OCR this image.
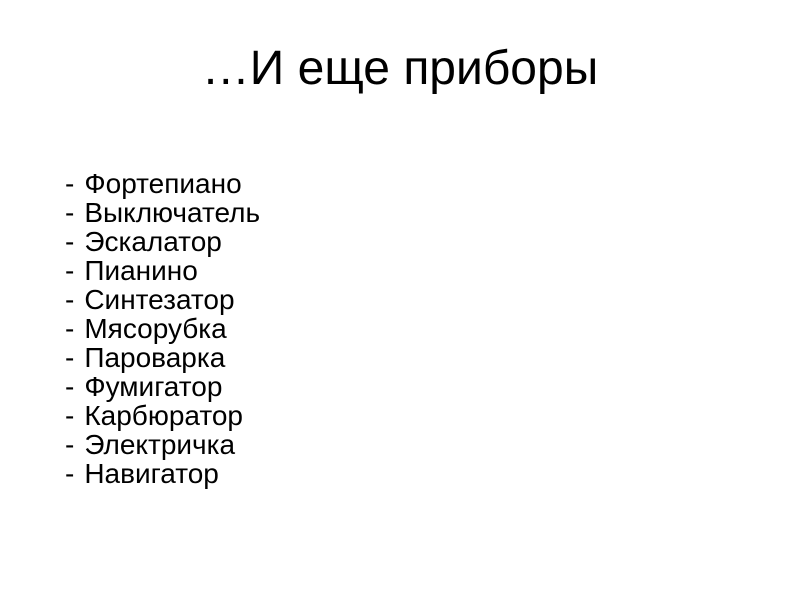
…И еще приборы
- Фортепиано
- Выключатель
- Эскалатор
- Пианино
- Синтезатор
- Мясорубка
- Пароварка
- Фумигатор
- Карбюратор
- Электричка
- Навигатор
